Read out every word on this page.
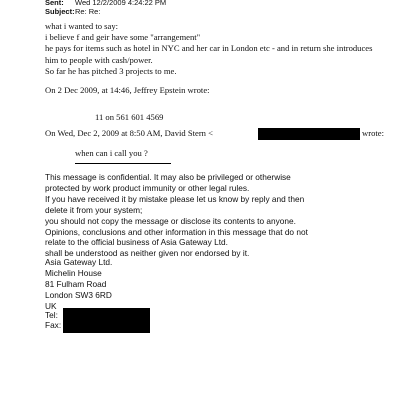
Sent: Wed 12/2/2009 4:24:22 PM
Subject:Re: Re:
what i wanted to say:
i believe f and geir have some "arrangement"
he pays for items such as hotel in NYC and her car in London etc - and in return she introduces
him to people with cash/power.
So far he has pitched 3 projects to me.
On 2 Dec 2009, at 14:46, Jeffrey Epstein wrote:
11 on 561 601 4569
On Wed, Dec 2, 2009 at 8:50 AM, David Stern <	wrote:
when can i call you ?
This message is confidential. It may also be privileged or otherwise
protected by work product immunity or other legal rules.
If you have received it by mistake please let us know by reply and then
delete it from your system;
you should not copy the message or disclose its contents to anyone.
Opinions, conclusions and other information in this message that do not
relate to the official business of Asia Gateway Ltd.
shall be understood as neither given nor endorsed by it.
Asia Gateway Ltd.
Michelin House
81 Fulham Road
London SW3 6RD
UK
Tel:
Fax:
